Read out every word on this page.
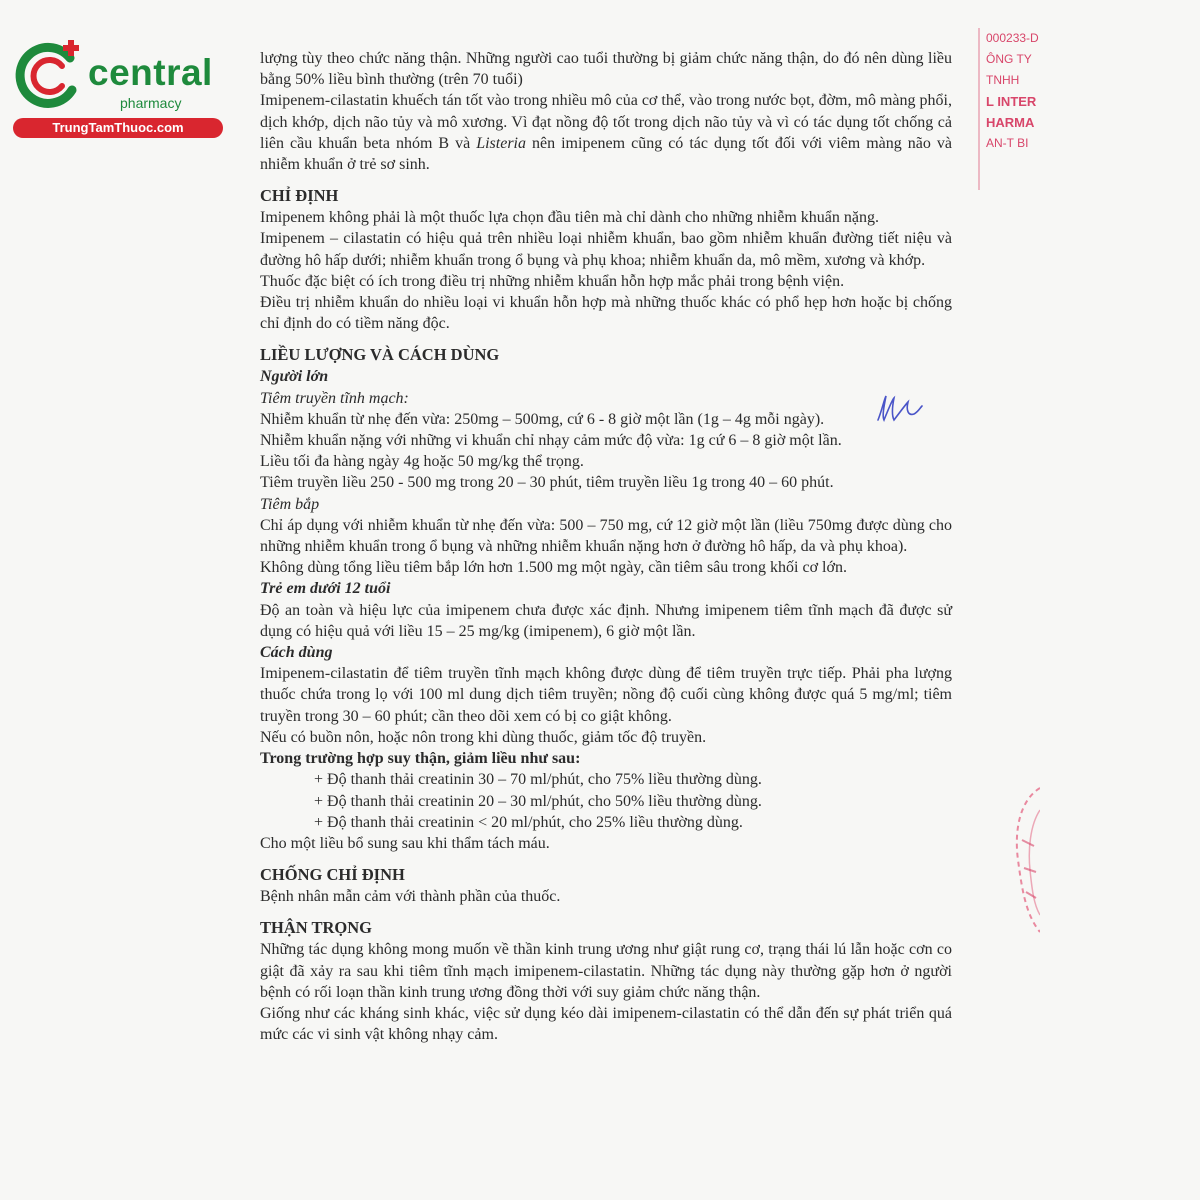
central
pharmacy
TrungTamThuoc.com
000233-D
ÔNG TY
TNHH
L INTER
HARMA
AN-T BI

lượng tùy theo chức năng thận. Những người cao tuổi thường bị giảm chức năng thận, do đó nên dùng liều bằng 50% liều bình thường (trên 70 tuổi)

Imipenem-cilastatin khuếch tán tốt vào trong nhiều mô của cơ thể, vào trong nước bọt, đờm, mô màng phổi, dịch khớp, dịch não tủy và mô xương. Vì đạt nồng độ tốt trong dịch não tủy và vì có tác dụng tốt chống cả liên cầu khuẩn beta nhóm B và Listeria nên imipenem cũng có tác dụng tốt đối với viêm màng não và nhiễm khuẩn ở trẻ sơ sinh.

CHỈ ĐỊNH

Imipenem không phải là một thuốc lựa chọn đầu tiên mà chỉ dành cho những nhiễm khuẩn nặng.

Imipenem – cilastatin có hiệu quả trên nhiều loại nhiễm khuẩn, bao gồm nhiễm khuẩn đường tiết niệu và đường hô hấp dưới; nhiễm khuẩn trong ổ bụng và phụ khoa; nhiễm khuẩn da, mô mềm, xương và khớp.

Thuốc đặc biệt có ích trong điều trị những nhiễm khuẩn hỗn hợp mắc phải trong bệnh viện.

Điều trị nhiễm khuẩn do nhiều loại vi khuẩn hỗn hợp mà những thuốc khác có phổ hẹp hơn hoặc bị chống chỉ định do có tiềm năng độc.

LIỀU LƯỢNG VÀ CÁCH DÙNG

Người lớn

Tiêm truyền tĩnh mạch:

Nhiễm khuẩn từ nhẹ đến vừa: 250mg – 500mg, cứ 6 - 8 giờ một lần (1g – 4g mỗi ngày).

Nhiễm khuẩn nặng với những vi khuẩn chỉ nhạy cảm mức độ vừa: 1g cứ 6 – 8 giờ một lần.

Liều tối đa hàng ngày 4g hoặc 50 mg/kg thể trọng.

Tiêm truyền liều 250 - 500 mg trong 20 – 30 phút, tiêm truyền liều 1g trong 40 – 60 phút.

Tiêm bắp

Chỉ áp dụng với nhiễm khuẩn từ nhẹ đến vừa: 500 – 750 mg, cứ 12 giờ một lần (liều 750mg được dùng cho những nhiễm khuẩn trong ổ bụng và những nhiễm khuẩn nặng hơn ở đường hô hấp, da và phụ khoa).

Không dùng tổng liều tiêm bắp lớn hơn 1.500 mg một ngày, cần tiêm sâu trong khối cơ lớn.

Trẻ em dưới 12 tuổi

Độ an toàn và hiệu lực của imipenem chưa được xác định. Nhưng imipenem tiêm tĩnh mạch đã được sử dụng có hiệu quả với liều 15 – 25 mg/kg (imipenem), 6 giờ một lần.

Cách dùng

Imipenem-cilastatin để tiêm truyền tĩnh mạch không được dùng để tiêm truyền trực tiếp. Phải pha lượng thuốc chứa trong lọ với 100 ml dung dịch tiêm truyền; nồng độ cuối cùng không được quá 5 mg/ml; tiêm truyền trong 30 – 60 phút; cần theo dõi xem có bị co giật không.

Nếu có buồn nôn, hoặc nôn trong khi dùng thuốc, giảm tốc độ truyền.

Trong trường hợp suy thận, giảm liều như sau:

+ Độ thanh thải creatinin 30 – 70 ml/phút, cho 75% liều thường dùng.

+ Độ thanh thải creatinin 20 – 30 ml/phút, cho 50% liều thường dùng.

+ Độ thanh thải creatinin < 20 ml/phút, cho 25% liều thường dùng.

Cho một liều bổ sung sau khi thẩm tách máu.

CHỐNG CHỈ ĐỊNH

Bệnh nhân mẫn cảm với thành phần của thuốc.

THẬN TRỌNG

Những tác dụng không mong muốn về thần kinh trung ương như giật rung cơ, trạng thái lú lẫn hoặc cơn co giật đã xảy ra sau khi tiêm tĩnh mạch imipenem-cilastatin. Những tác dụng này thường gặp hơn ở người bệnh có rối loạn thần kinh trung ương đồng thời với suy giảm chức năng thận.

Giống như các kháng sinh khác, việc sử dụng kéo dài imipenem-cilastatin có thể dẫn đến sự phát triển quá mức các vi sinh vật không nhạy cảm.
